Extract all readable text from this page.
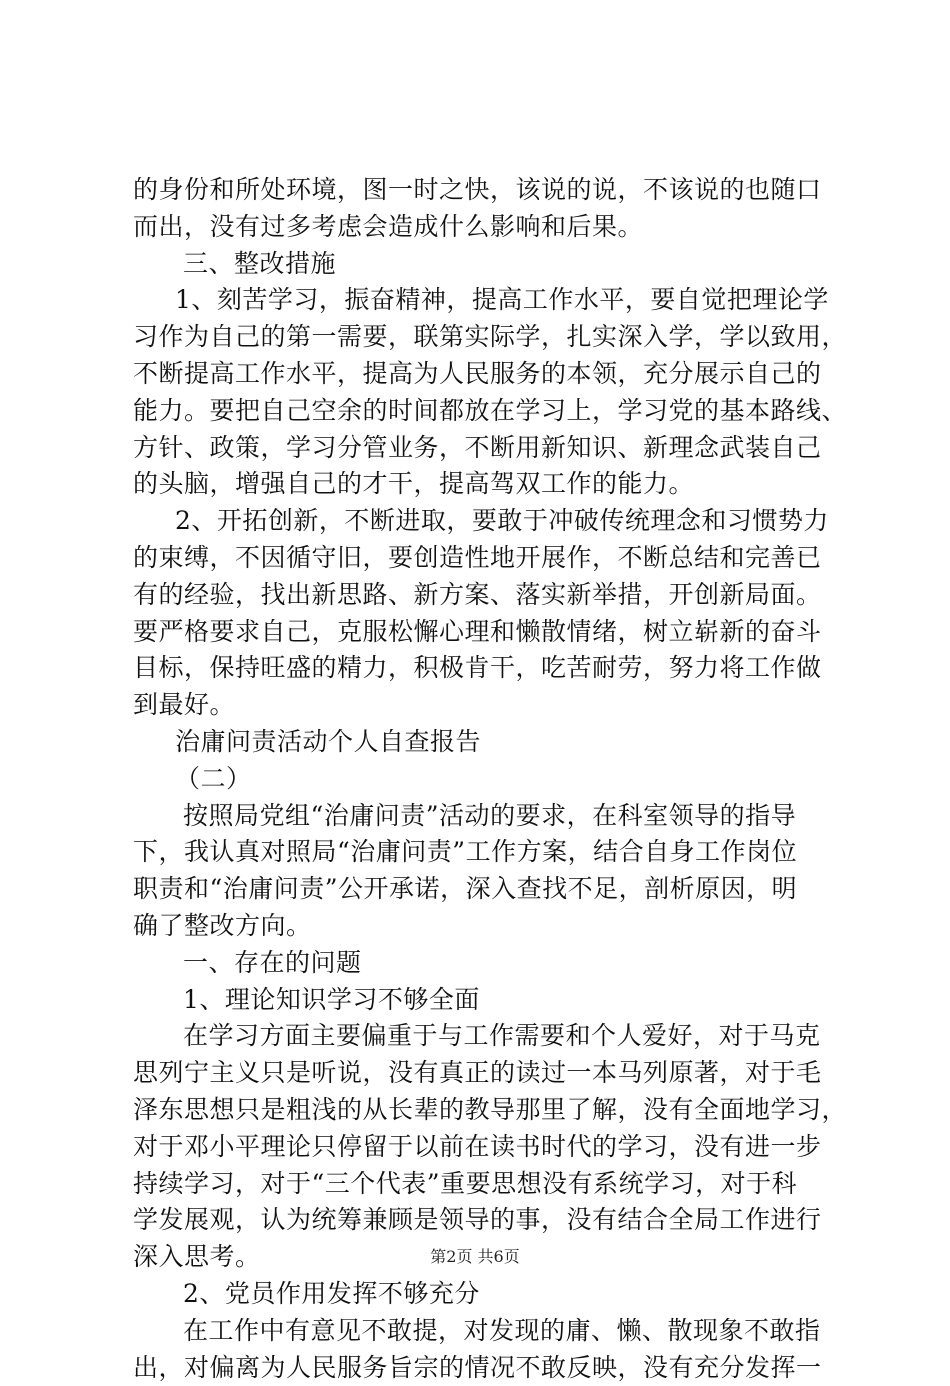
的身份和所处环境，图一时之快，该说的说，不该说的也随口
而出，没有过多考虑会造成什么影响和后果。
三、整改措施
1、刻苦学习，振奋精神，提高工作水平，要自觉把理论学
习作为自己的第一需要，联第实际学，扎实深入学，学以致用，
不断提高工作水平，提高为人民服务的本领，充分展示自己的
能力。要把自己空余的时间都放在学习上，学习党的基本路线、
方针、政策，学习分管业务，不断用新知识、新理念武装自己
的头脑，增强自己的才干，提高驾双工作的能力。
2、开拓创新，不断进取，要敢于冲破传统理念和习惯势力
的束缚，不因循守旧，要创造性地开展作，不断总结和完善已
有的经验，找出新思路、新方案、落实新举措，开创新局面。
要严格要求自己，克服松懈心理和懒散情绪，树立崭新的奋斗
目标，保持旺盛的精力，积极肯干，吃苦耐劳，努力将工作做
到最好。
治庸问责活动个人自查报告
（二）
按照局党组“治庸问责”活动的要求，在科室领导的指导
下，我认真对照局“治庸问责”工作方案，结合自身工作岗位
职责和“治庸问责”公开承诺，深入查找不足，剖析原因，明
确了整改方向。
一、存在的问题
1、理论知识学习不够全面
在学习方面主要偏重于与工作需要和个人爱好，对于马克
思列宁主义只是听说，没有真正的读过一本马列原著，对于毛
泽东思想只是粗浅的从长辈的教导那里了解，没有全面地学习，
对于邓小平理论只停留于以前在读书时代的学习，没有进一步
持续学习，对于“三个代表”重要思想没有系统学习，对于科
学发展观，认为统筹兼顾是领导的事，没有结合全局工作进行
深入思考。
2、党员作用发挥不够充分
在工作中有意见不敢提，对发现的庸、懒、散现象不敢指
出，对偏离为人民服务旨宗的情况不敢反映，没有充分发挥一
第2页 共6页
